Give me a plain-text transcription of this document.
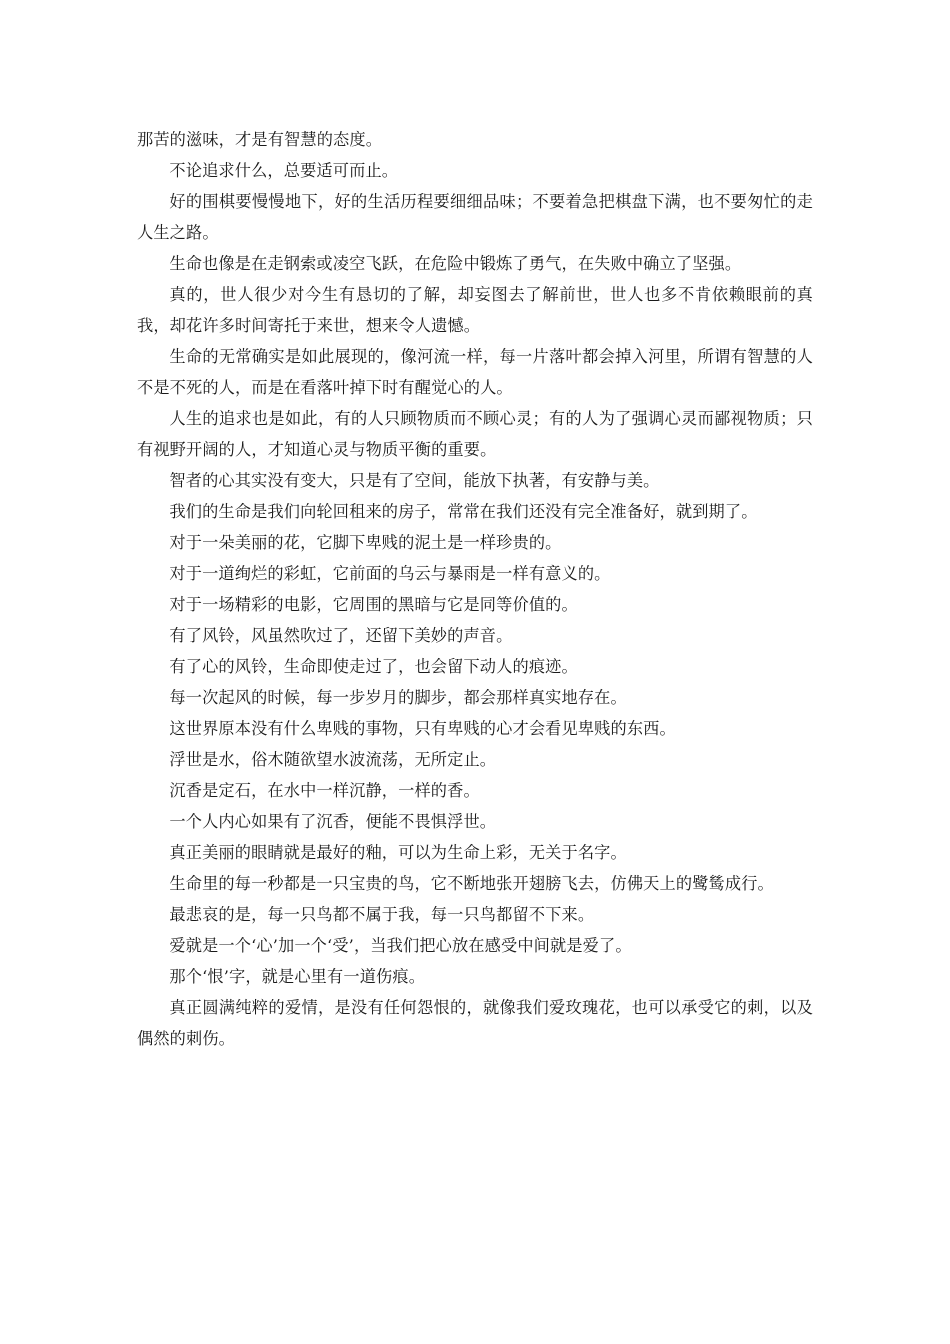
那苦的滋味，才是有智慧的态度。

不论追求什么，总要适可而止。

好的围棋要慢慢地下，好的生活历程要细细品味；不要着急把棋盘下满，也不要匆忙的走人生之路。

生命也像是在走钢索或凌空飞跃，在危险中锻炼了勇气，在失败中确立了坚强。

真的，世人很少对今生有恳切的了解，却妄图去了解前世，世人也多不肯依赖眼前的真我，却花许多时间寄托于来世，想来令人遗憾。

生命的无常确实是如此展现的，像河流一样，每一片落叶都会掉入河里，所谓有智慧的人不是不死的人，而是在看落叶掉下时有醒觉心的人。

人生的追求也是如此，有的人只顾物质而不顾心灵；有的人为了强调心灵而鄙视物质；只有视野开阔的人，才知道心灵与物质平衡的重要。

智者的心其实没有变大，只是有了空间，能放下执著，有安静与美。

我们的生命是我们向轮回租来的房子，常常在我们还没有完全准备好，就到期了。

对于一朵美丽的花，它脚下卑贱的泥土是一样珍贵的。

对于一道绚烂的彩虹，它前面的乌云与暴雨是一样有意义的。

对于一场精彩的电影，它周围的黑暗与它是同等价值的。

有了风铃，风虽然吹过了，还留下美妙的声音。

有了心的风铃，生命即使走过了，也会留下动人的痕迹。

每一次起风的时候，每一步岁月的脚步，都会那样真实地存在。

这世界原本没有什么卑贱的事物，只有卑贱的心才会看见卑贱的东西。

浮世是水，俗木随欲望水波流荡，无所定止。

沉香是定石，在水中一样沉静，一样的香。

一个人内心如果有了沉香，便能不畏惧浮世。

真正美丽的眼睛就是最好的釉，可以为生命上彩，无关于名字。

生命里的每一秒都是一只宝贵的鸟，它不断地张开翅膀飞去，仿佛天上的鹭鸶成行。

最悲哀的是，每一只鸟都不属于我，每一只鸟都留不下来。

爱就是一个‘心’加一个‘受’，当我们把心放在感受中间就是爱了。

那个‘恨’字，就是心里有一道伤痕。

真正圆满纯粹的爱情，是没有任何怨恨的，就像我们爱玫瑰花，也可以承受它的刺，以及偶然的刺伤。
